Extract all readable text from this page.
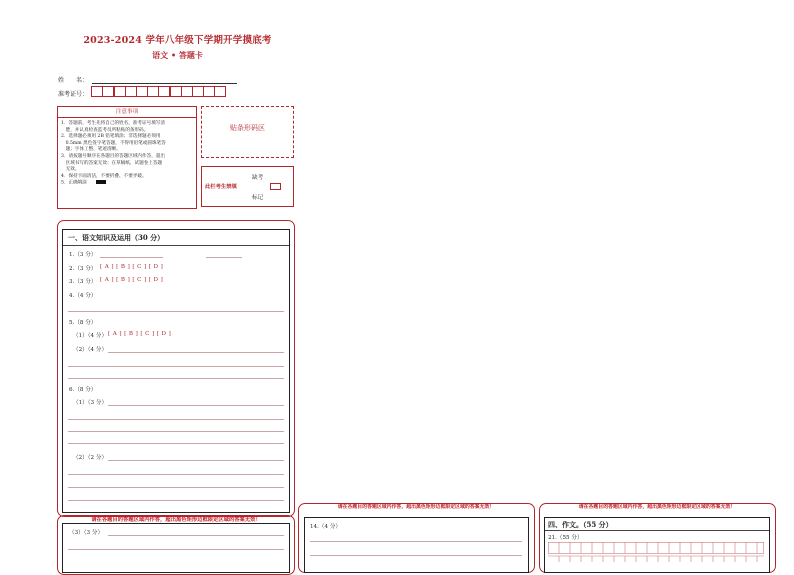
2023-2024 学年八年级下学期开学摸底考
语文 • 答题卡
姓　　名：
准考证号：
注意事项
1．答题前，考生先将自己的姓名，准考证号填写清
　楚，并认真检查监考员所粘贴的条形码。
2．选择题必须用 2B 铅笔填涂；非选择题必须用
　0.5mm 黑色签字笔答题，不得用铅笔或圆珠笔答
　题；字体工整、笔迹清晰。
3．请按题号顺序在各题目的答题区域内作答，超出
　区域书写的答案无效；在草稿纸、试题卷上答题
　无效。
4．保持卡面清洁，不要折叠、不要弄破。
5．正确填涂
贴条形码区
缺考
此栏考生禁填
标记
一、语文知识及运用（30 分）
1.（3 分）
2.（3 分） [ A ] [ B ] [ C ] [ D ]
3.（3 分） [ A ] [ B ] [ C ] [ D ]
4.（4 分）
5.（8 分）
（1）（4 分） [ A ] [ B ] [ C ] [ D ]
（2）（4 分）
6.（8 分）
（1）（3 分）
（2）（2 分）
请在各题目的答题区域内作答，超出黑色矩形边框限定区域的答案无效！
（3）（3 分）
请在各题目的答题区域内作答，超出黑色矩形边框限定区域的答案无效！
14.（4 分）
请在各题目的答题区域内作答，超出黑色矩形边框限定区域的答案无效！
四、作文。（55 分）
21.（55 分）
